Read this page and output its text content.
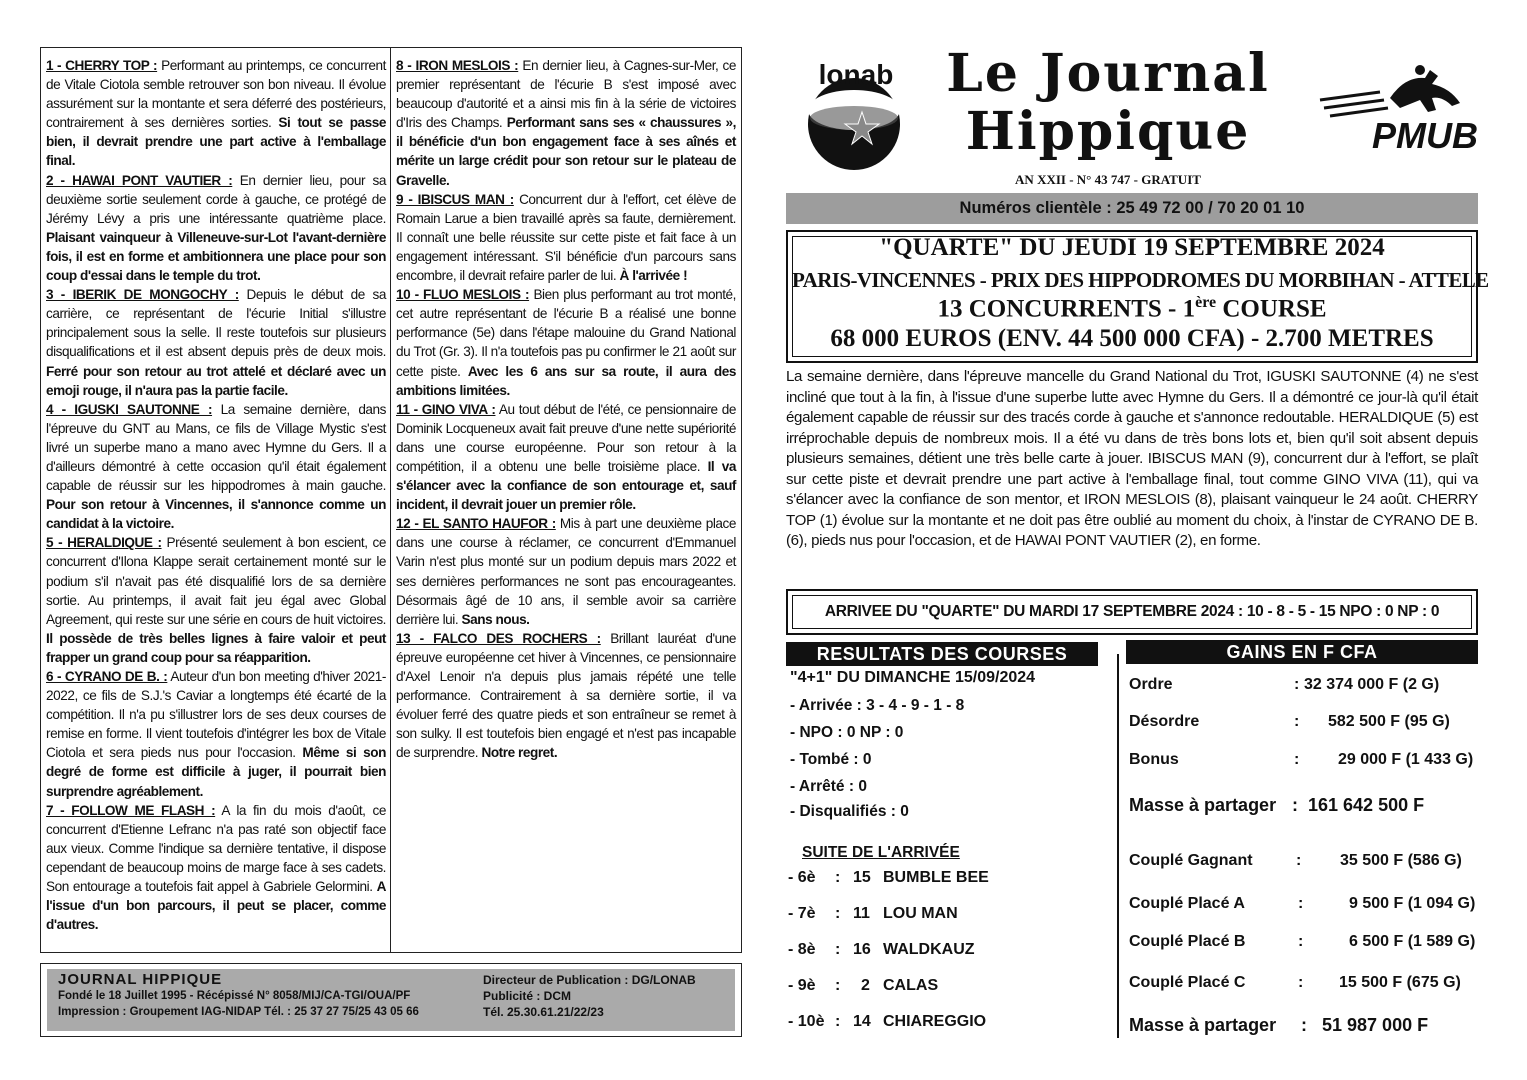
1 - CHERRY TOP : Performant au printemps, ce concurrent de Vitale Ciotola semble retrouver son bon niveau. Il évolue assurément sur la montante et sera déferré des postérieurs, contrairement à ses dernières sorties. Si tout se passe bien, il devrait prendre une part active à l'emballage final.

2 - HAWAI PONT VAUTIER : En dernier lieu, pour sa deuxième sortie seulement corde à gauche, ce protégé de Jérémy Lévy a pris une intéressante quatrième place. Plaisant vainqueur à Villeneuve-sur-Lot l'avant-dernière fois, il est en forme et ambitionnera une place pour son coup d'essai dans le temple du trot.

3 - IBERIK DE MONGOCHY : Depuis le début de sa carrière, ce représentant de l'écurie Initial s'illustre principalement sous la selle. Il reste toutefois sur plusieurs disqualifications et il est absent depuis près de deux mois. Ferré pour son retour au trot attelé et déclaré avec un emoji rouge, il n'aura pas la partie facile.

4 - IGUSKI SAUTONNE : La semaine dernière, dans l'épreuve du GNT au Mans, ce fils de Village Mystic s'est livré un superbe mano a mano avec Hymne du Gers. Il a d'ailleurs démontré à cette occasion qu'il était également capable de réussir sur les hippodromes à main gauche. Pour son retour à Vincennes, il s'annonce comme un candidat à la victoire.

5 - HERALDIQUE : Présenté seulement à bon escient, ce concurrent d'Ilona Klappe serait certainement monté sur le podium s'il n'avait pas été disqualifié lors de sa dernière sortie. Au printemps, il avait fait jeu égal avec Global Agreement, qui reste sur une série en cours de huit victoires. Il possède de très belles lignes à faire valoir et peut frapper un grand coup pour sa réapparition.

6 - CYRANO DE B. : Auteur d'un bon meeting d'hiver 2021-2022, ce fils de S.J.'s Caviar a longtemps été écarté de la compétition. Il n'a pu s'illustrer lors de ses deux courses de remise en forme. Il vient toutefois d'intégrer les box de Vitale Ciotola et sera pieds nus pour l'occasion. Même si son degré de forme est difficile à juger, il pourrait bien surprendre agréablement.

7 - FOLLOW ME FLASH : A la fin du mois d'août, ce concurrent d'Etienne Lefranc n'a pas raté son objectif face aux vieux. Comme l'indique sa dernière tentative, il dispose cependant de beaucoup moins de marge face à ses cadets. Son entourage a toutefois fait appel à Gabriele Gelormini. A l'issue d'un bon parcours, il peut se placer, comme d'autres.

8 - IRON MESLOIS : En dernier lieu, à Cagnes-sur-Mer, ce premier représentant de l'écurie B s'est imposé avec beaucoup d'autorité et a ainsi mis fin à la série de victoires d'Iris des Champs. Performant sans ses « chaussures », il bénéficie d'un bon engagement face à ses aînés et mérite un large crédit pour son retour sur le plateau de Gravelle.

9 - IBISCUS MAN : Concurrent dur à l'effort, cet élève de Romain Larue a bien travaillé après sa faute, dernièrement. Il connaît une belle réussite sur cette piste et fait face à un engagement intéressant. S'il bénéficie d'un parcours sans encombre, il devrait refaire parler de lui. À l'arrivée !

10 - FLUO MESLOIS : Bien plus performant au trot monté, cet autre représentant de l'écurie B a réalisé une bonne performance (5e) dans l'étape malouine du Grand National du Trot (Gr. 3). Il n'a toutefois pas pu confirmer le 21 août sur cette piste. Avec les 6 ans sur sa route, il aura des ambitions limitées.

11 - GINO VIVA : Au tout début de l'été, ce pensionnaire de Dominik Locqueneux avait fait preuve d'une nette supériorité dans une course européenne. Pour son retour à la compétition, il a obtenu une belle troisième place. Il va s'élancer avec la confiance de son entourage et, sauf incident, il devrait jouer un premier rôle.

12 - EL SANTO HAUFOR : Mis à part une deuxième place dans une course à réclamer, ce concurrent d'Emmanuel Varin n'est plus monté sur un podium depuis mars 2022 et ses dernières performances ne sont pas encourageantes. Désormais âgé de 10 ans, il semble avoir sa carrière derrière lui. Sans nous.

13 - FALCO DES ROCHERS : Brillant lauréat d'une épreuve européenne cet hiver à Vincennes, ce pensionnaire d'Axel Lenoir n'a depuis plus jamais répété une telle performance. Contrairement à sa dernière sortie, il va évoluer ferré des quatre pieds et son entraîneur se remet à son sulky. Il est toutefois bien engagé et n'est pas incapable de surprendre. Notre regret.

JOURNAL HIPPIQUE
Fondé le 18 Juillet 1995 - Récépissé N° 8058/MIJ/CA-TGI/OUA/PF
Impression : Groupement IAG-NIDAP Tél. : 25 37 27 75/25 43 05 66
Directeur de Publication : DG/LONAB
Publicité : DCM
Tél. 25.30.61.21/22/23
lonab	Le Journal
Hippique	PMUB
AN XXII - N° 43 747 - GRATUIT
Numéros clientèle : 25 49 72 00 / 70 20 01 10
"QUARTE" DU JEUDI 19 SEPTEMBRE 2024
PARIS-VINCENNES - PRIX DES HIPPODROMES DU MORBIHAN - ATTELE
13 CONCURRENTS - 1ère COURSE
68 000 EUROS (ENV. 44 500 000 CFA) - 2.700 METRES
La semaine dernière, dans l'épreuve mancelle du Grand National du Trot, IGUSKI SAUTONNE (4) ne s'est incliné que tout à la fin, à l'issue d'une superbe lutte avec Hymne du Gers. Il a démontré ce jour-là qu'il était également capable de réussir sur des tracés corde à gauche et s'annonce redoutable. HERALDIQUE (5) est irréprochable depuis de nombreux mois. Il a été vu dans de très bons lots et, bien qu'il soit absent depuis plusieurs semaines, détient une très belle carte à jouer. IBISCUS MAN (9), concurrent dur à l'effort, se plaît sur cette piste et devrait prendre une part active à l'emballage final, tout comme GINO VIVA (11), qui va s'élancer avec la confiance de son mentor, et IRON MESLOIS (8), plaisant vainqueur le 24 août. CHERRY TOP (1) évolue sur la montante et ne doit pas être oublié au moment du choix, à l'instar de CYRANO DE B. (6), pieds nus pour l'occasion, et de HAWAI PONT VAUTIER (2), en forme.
ARRIVEE DU "QUARTE" DU MARDI 17 SEPTEMBRE 2024 : 10 - 8 - 5 - 15 NPO : 0 NP : 0
RESULTATS DES COURSES	GAINS EN F CFA
"4+1" DU DIMANCHE 15/09/2024
- Arrivée : 3 - 4 - 9 - 1 - 8
- NPO : 0 NP : 0
- Tombé : 0
- Arrêté : 0
- Disqualifiés : 0
SUITE DE L'ARRIVÉE
- 6è : 15 BUMBLE BEE
- 7è : 11 LOU MAN
- 8è : 16 WALDKAUZ
- 9è : 2 CALAS
- 10è : 14 CHIAREGGIO
Ordre	: 32 374 000 F (2 G)
Désordre	: 582 500 F (95 G)
Bonus	: 29 000 F (1 433 G)
Masse à partager : 161 642 500 F
Couplé Gagnant	: 35 500 F (586 G)
Couplé Placé A	:	9 500 F (1 094 G)
Couplé Placé B	:	6 500 F (1 589 G)
Couplé Placé C	: 15 500 F (675 G)
Masse à partager : 51 987 000 F
